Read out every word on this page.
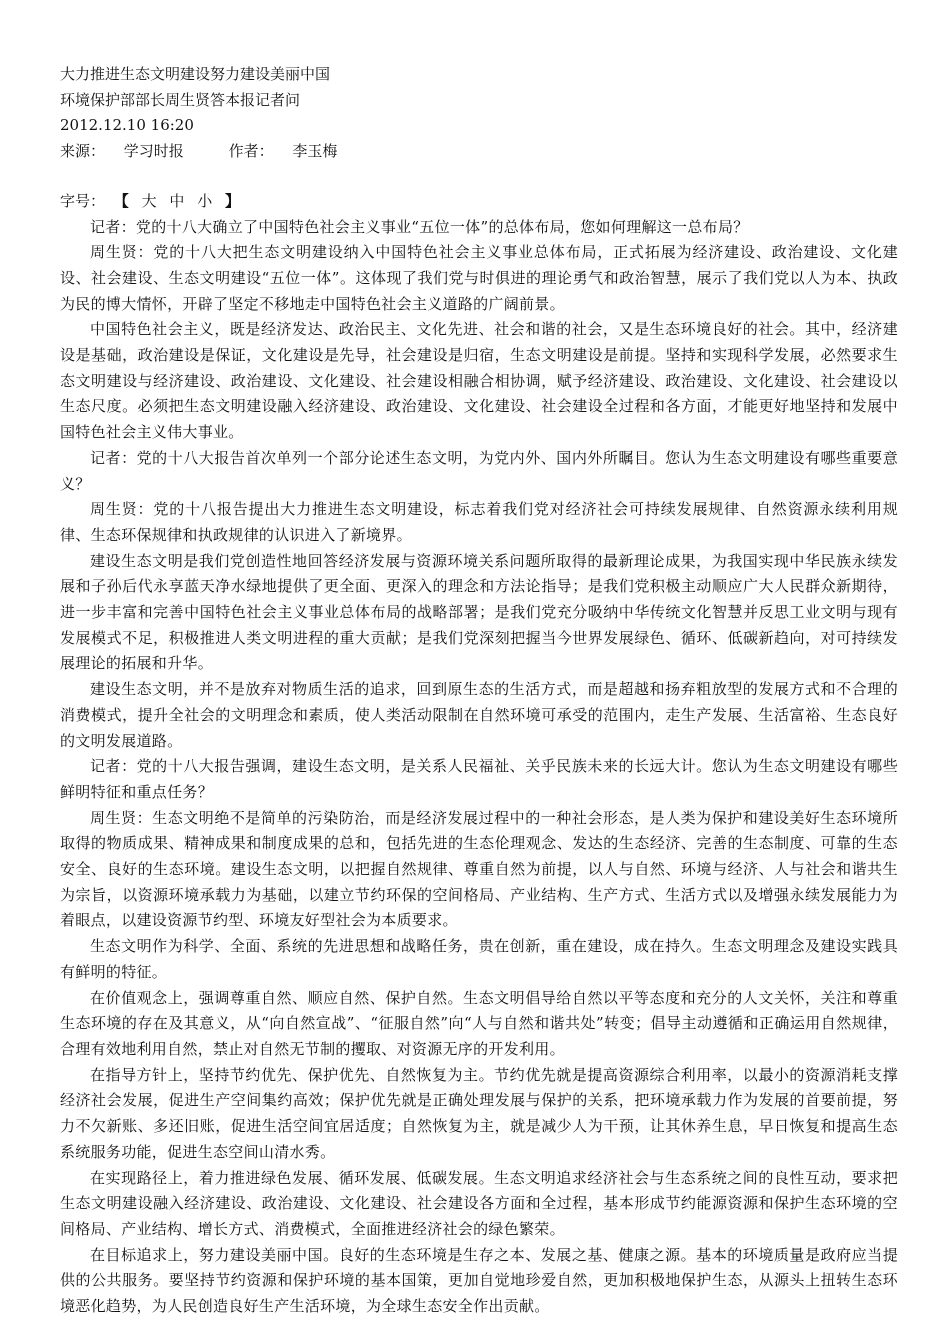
大力推进生态文明建设努力建设美丽中国
环境保护部部长周生贤答本报记者问
2012.12.10 16:20
来源： 学习时报	作者： 李玉梅
字号： 【 大 中 小 】

记者：党的十八大确立了中国特色社会主义事业“五位一体”的总体布局，您如何理解这一总布局？

周生贤：党的十八大把生态文明建设纳入中国特色社会主义事业总体布局，正式拓展为经济建设、政治建设、文化建设、社会建设、生态文明建设“五位一体”。这体现了我们党与时俱进的理论勇气和政治智慧，展示了我们党以人为本、执政为民的博大情怀，开辟了坚定不移地走中国特色社会主义道路的广阔前景。

中国特色社会主义，既是经济发达、政治民主、文化先进、社会和谐的社会，又是生态环境良好的社会。其中，经济建设是基础，政治建设是保证，文化建设是先导，社会建设是归宿，生态文明建设是前提。坚持和实现科学发展，必然要求生态文明建设与经济建设、政治建设、文化建设、社会建设相融合相协调，赋予经济建设、政治建设、文化建设、社会建设以生态尺度。必须把生态文明建设融入经济建设、政治建设、文化建设、社会建设全过程和各方面，才能更好地坚持和发展中国特色社会主义伟大事业。

记者：党的十八大报告首次单列一个部分论述生态文明，为党内外、国内外所瞩目。您认为生态文明建设有哪些重要意义？

周生贤：党的十八报告提出大力推进生态文明建设，标志着我们党对经济社会可持续发展规律、自然资源永续利用规律、生态环保规律和执政规律的认识进入了新境界。

建设生态文明是我们党创造性地回答经济发展与资源环境关系问题所取得的最新理论成果，为我国实现中华民族永续发展和子孙后代永享蓝天净水绿地提供了更全面、更深入的理念和方法论指导；是我们党积极主动顺应广大人民群众新期待，进一步丰富和完善中国特色社会主义事业总体布局的战略部署；是我们党充分吸纳中华传统文化智慧并反思工业文明与现有发展模式不足，积极推进人类文明进程的重大贡献；是我们党深刻把握当今世界发展绿色、循环、低碳新趋向，对可持续发展理论的拓展和升华。

建设生态文明，并不是放弃对物质生活的追求，回到原生态的生活方式，而是超越和扬弃粗放型的发展方式和不合理的消费模式，提升全社会的文明理念和素质，使人类活动限制在自然环境可承受的范围内，走生产发展、生活富裕、生态良好的文明发展道路。

记者：党的十八大报告强调，建设生态文明，是关系人民福祉、关乎民族未来的长远大计。您认为生态文明建设有哪些鲜明特征和重点任务？

周生贤：生态文明绝不是简单的污染防治，而是经济发展过程中的一种社会形态，是人类为保护和建设美好生态环境所取得的物质成果、精神成果和制度成果的总和，包括先进的生态伦理观念、发达的生态经济、完善的生态制度、可靠的生态安全、良好的生态环境。建设生态文明，以把握自然规律、尊重自然为前提，以人与自然、环境与经济、人与社会和谐共生为宗旨，以资源环境承载力为基础，以建立节约环保的空间格局、产业结构、生产方式、生活方式以及增强永续发展能力为着眼点，以建设资源节约型、环境友好型社会为本质要求。

生态文明作为科学、全面、系统的先进思想和战略任务，贵在创新，重在建设，成在持久。生态文明理念及建设实践具有鲜明的特征。

在价值观念上，强调尊重自然、顺应自然、保护自然。生态文明倡导给自然以平等态度和充分的人文关怀，关注和尊重生态环境的存在及其意义，从“向自然宣战”、“征服自然”向“人与自然和谐共处”转变；倡导主动遵循和正确运用自然规律，合理有效地利用自然，禁止对自然无节制的攫取、对资源无序的开发利用。

在指导方针上，坚持节约优先、保护优先、自然恢复为主。节约优先就是提高资源综合利用率，以最小的资源消耗支撑经济社会发展，促进生产空间集约高效；保护优先就是正确处理发展与保护的关系，把环境承载力作为发展的首要前提，努力不欠新账、多还旧账，促进生活空间宜居适度；自然恢复为主，就是减少人为干预，让其休养生息，早日恢复和提高生态系统服务功能，促进生态空间山清水秀。

在实现路径上，着力推进绿色发展、循环发展、低碳发展。生态文明追求经济社会与生态系统之间的良性互动，要求把生态文明建设融入经济建设、政治建设、文化建设、社会建设各方面和全过程，基本形成节约能源资源和保护生态环境的空间格局、产业结构、增长方式、消费模式，全面推进经济社会的绿色繁荣。

在目标追求上，努力建设美丽中国。良好的生态环境是生存之本、发展之基、健康之源。基本的环境质量是政府应当提供的公共服务。要坚持节约资源和保护环境的基本国策，更加自觉地珍爱自然，更加积极地保护生态，从源头上扭转生态环境恶化趋势，为人民创造良好生产生活环境，为全球生态安全作出贡献。
